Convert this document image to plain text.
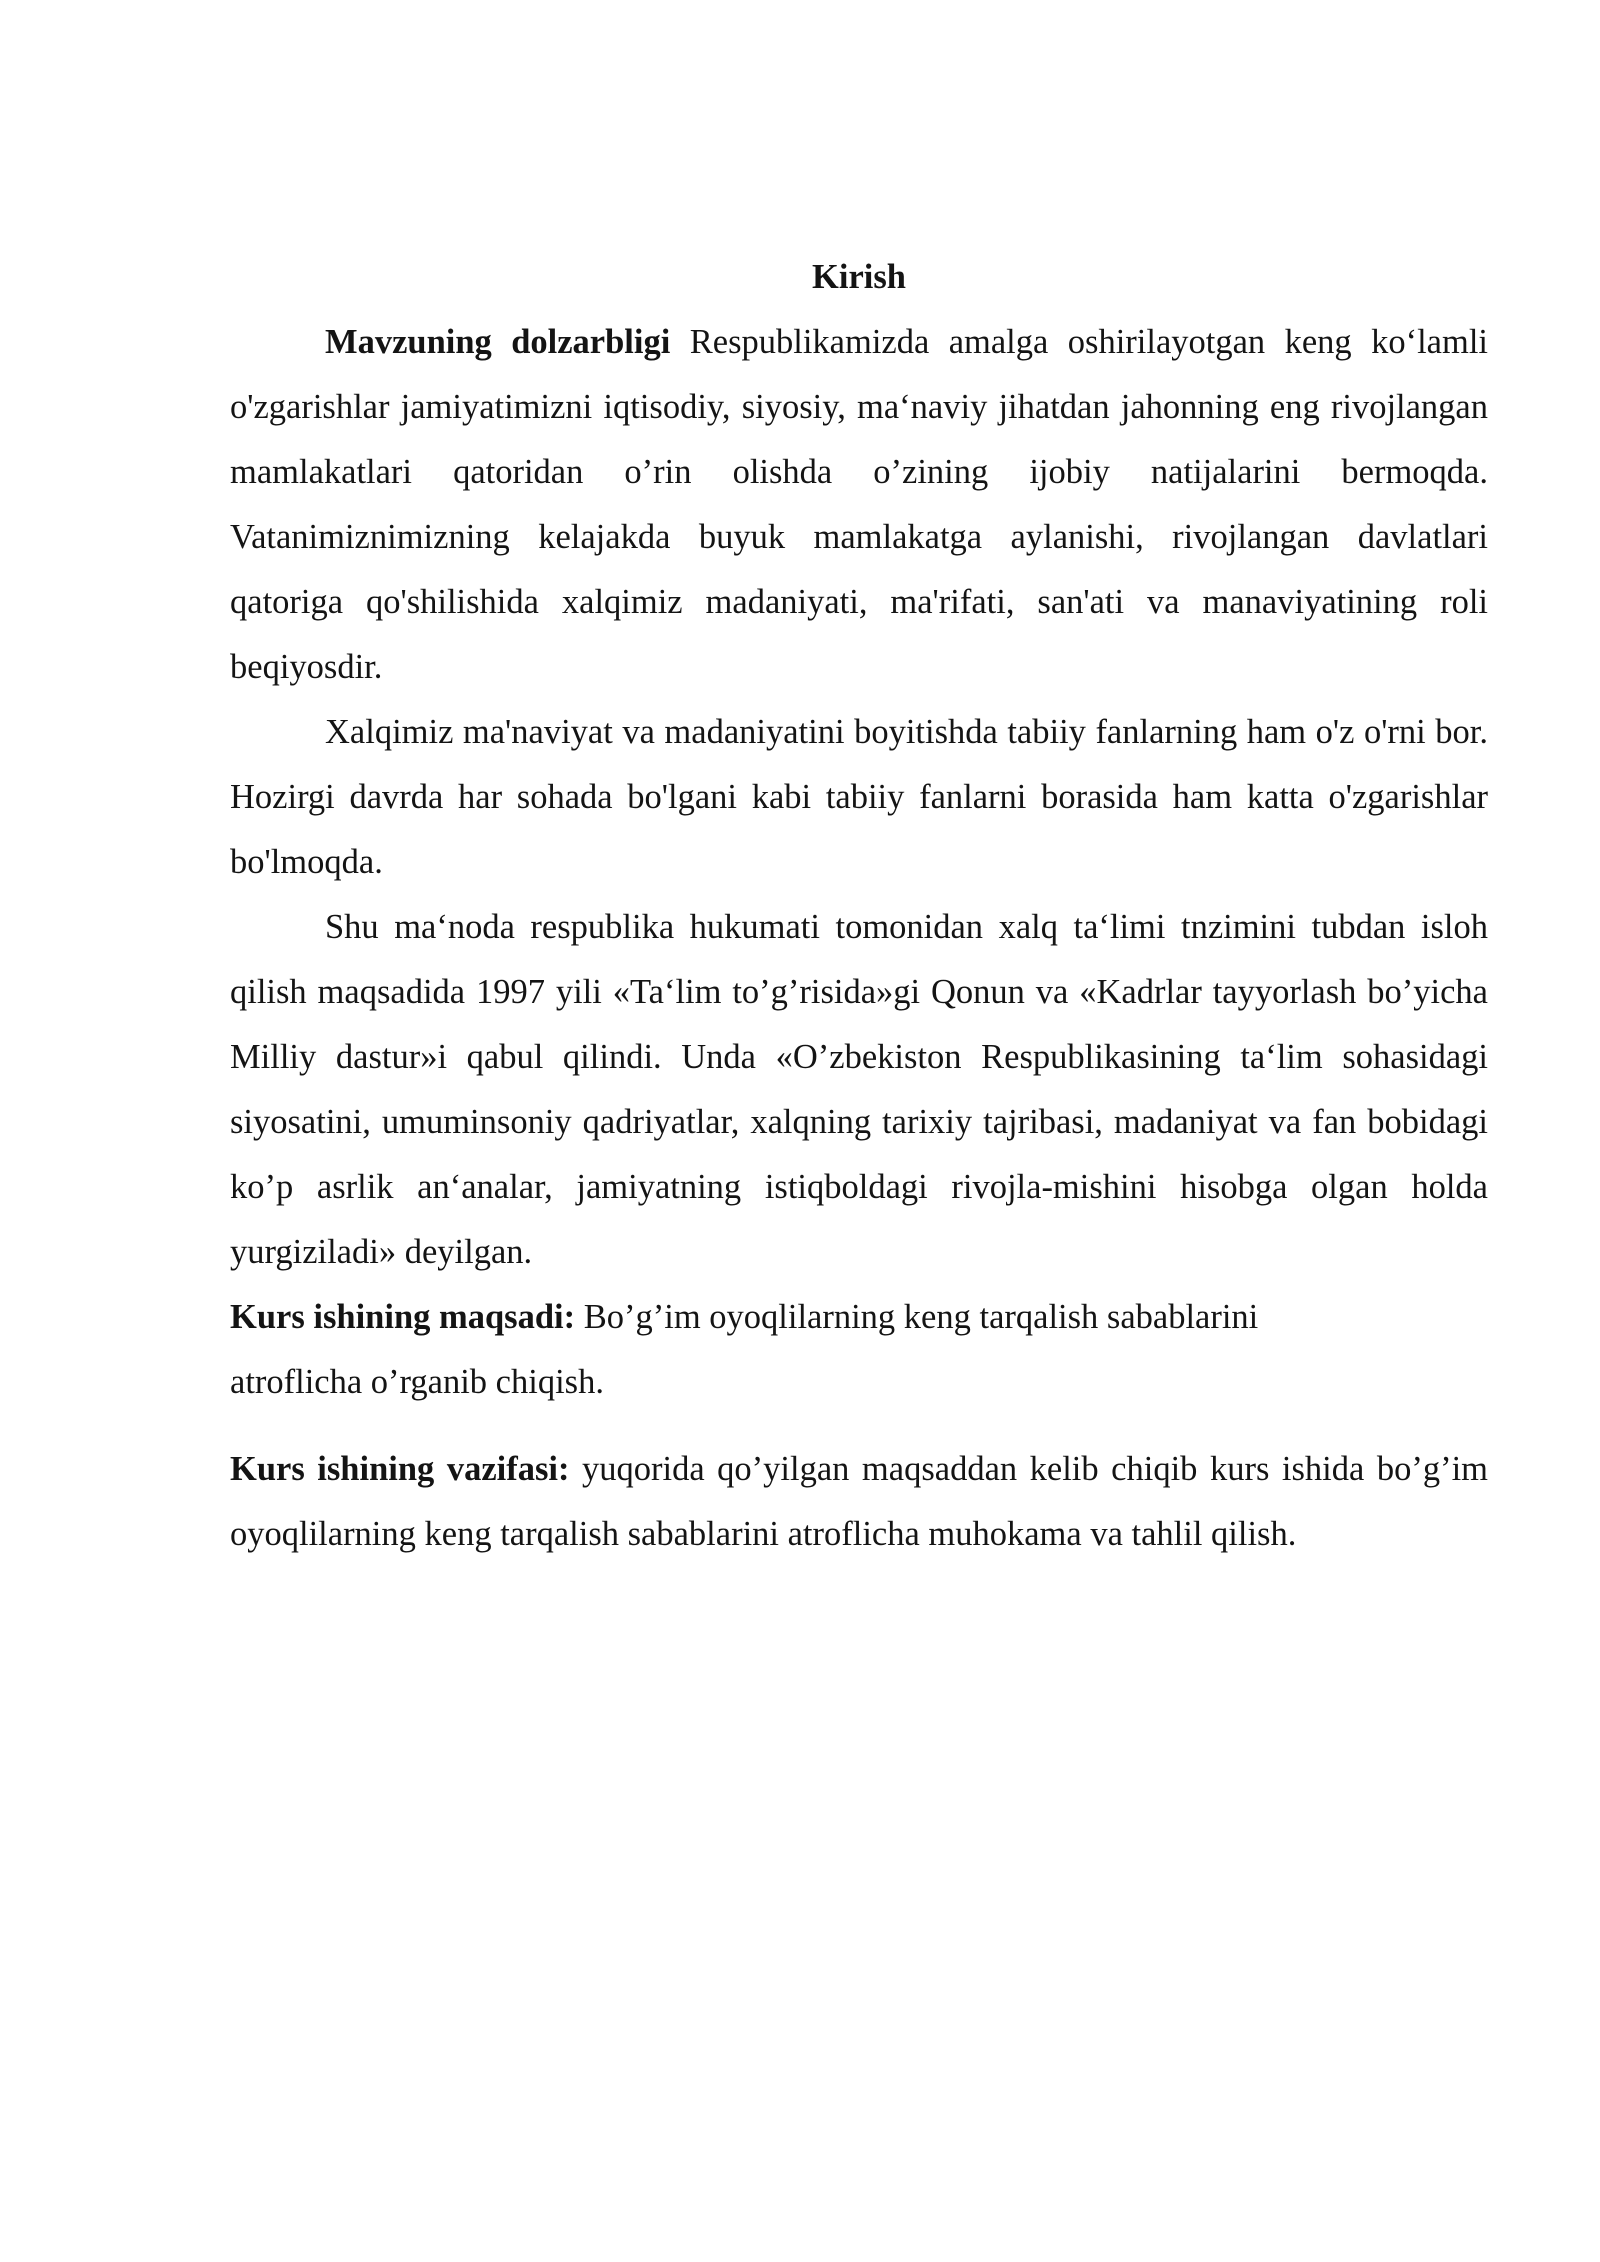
Kirish

Mavzuning dolzarbligi Respublikamizda amalga oshirilayotgan keng ko‘lamli o'zgarishlar jamiyatimizni iqtisodiy, siyosiy, ma‘naviy jihatdan jahonning eng rivojlangan mamlakatlari qatoridan o’rin olishda o’zining ijobiy natijalarini bermoqda. Vatanimiznimizning kelajakda buyuk mamlakatga aylanishi, rivojlangan davlatlari qatoriga qo'shilishida xalqimiz madaniyati, ma'rifati, san'ati va manaviyatining roli beqiyosdir.

Xalqimiz ma'naviyat va madaniyatini boyitishda tabiiy fanlarning ham o'z o'rni bor. Hozirgi davrda har sohada bo'lgani kabi tabiiy fanlarni borasida ham katta o'zgarishlar bo'lmoqda.

Shu ma‘noda respublika hukumati tomonidan xalq ta‘limi tnzimini tubdan isloh qilish maqsadida 1997 yili «Ta‘lim to’g’risida»gi Qonun va «Kadrlar tayyorlash bo’yicha Milliy dastur»i qabul qilindi. Unda «O’zbekiston Respublikasining ta‘lim sohasidagi siyosatini, umuminsoniy qadriyatlar, xalqning tarixiy tajribasi, madaniyat va fan bobidagi ko’p asrlik an‘analar, jamiyatning istiqboldagi rivojla-mishini hisobga olgan holda yurgiziladi» deyilgan.

Kurs ishining maqsadi: Bo’g’im oyoqlilarning keng tarqalish sabablarini
atroflicha o’rganib chiqish.

Kurs ishining vazifasi: yuqorida qo’yilgan maqsaddan kelib chiqib kurs ishida bo’g’im oyoqlilarning keng tarqalish sabablarini atroflicha muhokama va tahlil qilish.
